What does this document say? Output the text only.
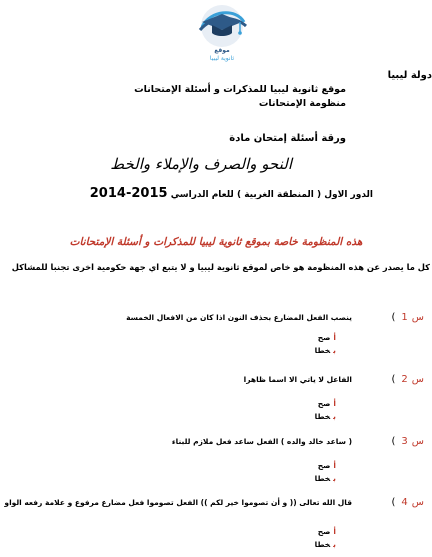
موقع
ثانوية ليبيا
دولة ليبيا
موقع ثانوية ليبيا للمذكرات و أسئلة الإمتحانات
منظومة الإمتحانات
ورقة أسئلة إمتحان مادة
النحو والصرف والإملاء والخط
الدور الاول ( المنطقة الغربية ) للعام الدراسي 2015-2014
هذه المنظومة خاصة بموقع ثانوية ليبيا للمذكرات و أسئلة الإمتحانات
كل ما يصدر عن هذه المنظومة هو خاص لموقع ثانوية ليبيا و لا يتبع اي جهة حكومية اخرى تجنبا للمشاكل
س1)
ينصب الفعل المضارع بحذف النون اذا كان من الافعال الخمسة
أصح
بخطا
س2)
الفاعل لا ياتي الا اسما ظاهرا
أصح
بخطا
س3)
( ساعد خالد والده ) الفعل ساعد فعل ملازم للبناء
أصح
بخطا
س4)
قال الله تعالى (( و أن تصوموا خير لكم )) الفعل تصوموا فعل مضارع مرفوع و علامة رفعه الواو
أصح
بخطا
